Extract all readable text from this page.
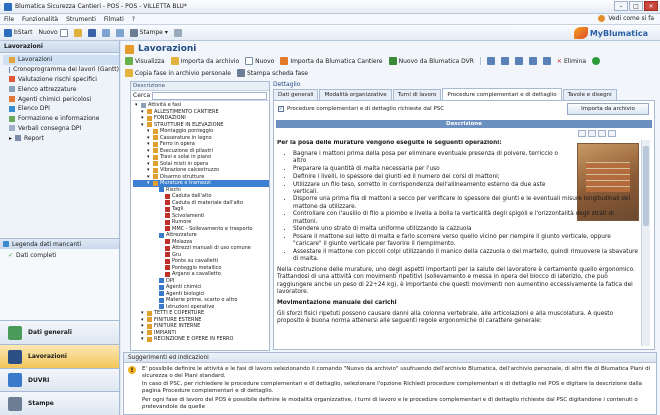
Blumatica Sicurezza Cantieri - POS - POS - VILLETTA BLU*	–	□	✕
File Funzionalità Strumenti Filmati ?	Vedi come si fa
bStart Nuovo	Stampe ▾	MyBlumatica
Lavorazioni
Lavorazioni
Cronoprogramma dei lavori (Gantt)
Valutazione rischi specifici
Elenco attrezzature
Agenti chimici pericolosi
Elenco DPI
Formazione e informazione
Verbali consegna DPI
▸ Report
Legenda dati mancanti
✓ Dati completi
Dati generali
Lavorazioni
DUVRI
Stampe
Lavorazioni
Visualizza	Importa da archivio	Nuovo	Importa da Blumatica Cantiere	Nuovo da Blumatica DVR	✕ Elimina
Copia fase in archivio personale	Stampa scheda fase
Descrizione
Cerca
▾ Attività e fasi
▾ ALLESTIMENTO CANTIERE
▾ FONDAZIONI
▾ STRUTTURE IN ELEVAZIONE
▾ Montaggio ponteggio
▾ Casserature in legno
▾ Ferro in opera
▾ Esecuzione di pilastri
▾ Travi e solai in piano
▾ Solai misti in opera
▾ Vibrazione calcestruzzo
▾ Disarmo strutture
▾ Murature e tramezzi
Rischi
Caduta dall'alto
Caduta di materiale dall'alto
Tagli
Scivolamenti
Rumore
MMC - Sollevamento e trasporto
Attrezzature
Molazza
Attrezzi manuali di uso comune
Gru
Ponte su cavalletti
Ponteggio metallico
Argano a cavalletto
DPI
Agenti chimici
Agenti biologici
Materie prime, scarto o altro
Istruzioni operative
▾ TETTI E COPERTURE
▾ FINITURE ESTERNE
▾ FINITURE INTERNE
▾ IMPIANTI
▾ RECINZIONE E OPERE IN FERRO
Dettaglio
Dati generali	Modalità organizzative	Turni di lavoro	Procedure complementari e di dettaglio	Tavole e disegni
✓ Procedure complementari e di dettaglio richieste dal PSC	Importa da archivio
Descrizione

Per la posa delle murature vengono eseguite le seguenti operazioni:

• Bagnare i mattoni prima della posa per eliminare eventuale presenza di polvere, terriccio o altro
• Preparare la quantità di malta necessaria per l'uso
• Definire i livelli, lo spessore dei giunti ed il numero dei corsi di mattoni;
• Utilizzare un filo teso, sorretto in corrispondenza dell'allineamento esterno da due aste verticali.
• Disporre una prima fila di mattoni a secco per verificare lo spessore dei giunti e le eventuali misure longitudinali del mattone da utilizzare.
• Controllare con l'ausilio di filo a piombo e livella a bolla la verticalità degli spigoli e l'orizzontalità degli strati di mattoni.
• Stendere uno strato di malta uniforme utilizzando la cazzuola
• Posare il mattone sul letto di malta e farlo scorrere verso quello vicino per riempire il giunto verticale, oppure "caricare" il giunto verticale per favorire il riempimento.
• Assestare il mattone con piccoli colpi utilizzando il manico della cazzuola o del martello, quindi rimuovere la sbavature di malta.

Nella costruzione delle murature, uno degli aspetti importanti per la salute del lavoratore è certamente quello ergonomico. Trattandosi di una attività con movimenti ripetitivi (sollevamento e messa in opera del blocco di laterizio, che può raggiungere anche un peso di 22÷24 kg), è importante che questi movimenti non aumentino eccessivamente la fatica del lavoratore.

Movimentazione manuale dei carichi

Gli sforzi fisici ripetuti possono causare danni alla colonna vertebrale, alle articolazioni e alla muscolatura. A questo proposito è buona norma attenersi alle seguenti regole ergonomiche di carattere generale:

Suggerimenti ed indicazioni
!	E' possibile definire le attività e le fasi di lavoro selezionando il comando "Nuovo da archivio" usufruendo dell'archivio Blumatica, dell'archivio personale, di altri file di Blumatica Piani di sicurezza o dei Piani standard.

In caso di PSC, per richiedere le procedure complementari e di dettaglio, selezionare l'opzione Richiedi procedure complementari e di dettaglio nel POS e digitare la descrizione dalla pagina Procedure complementari e di dettaglio.

Per ogni fase di lavoro del POS è possibile definire le modalità organizzative, i turni di lavoro e le procedure complementari e di dettaglio richieste dal PSC digitandone i contenuti o prelevandole da quelle
